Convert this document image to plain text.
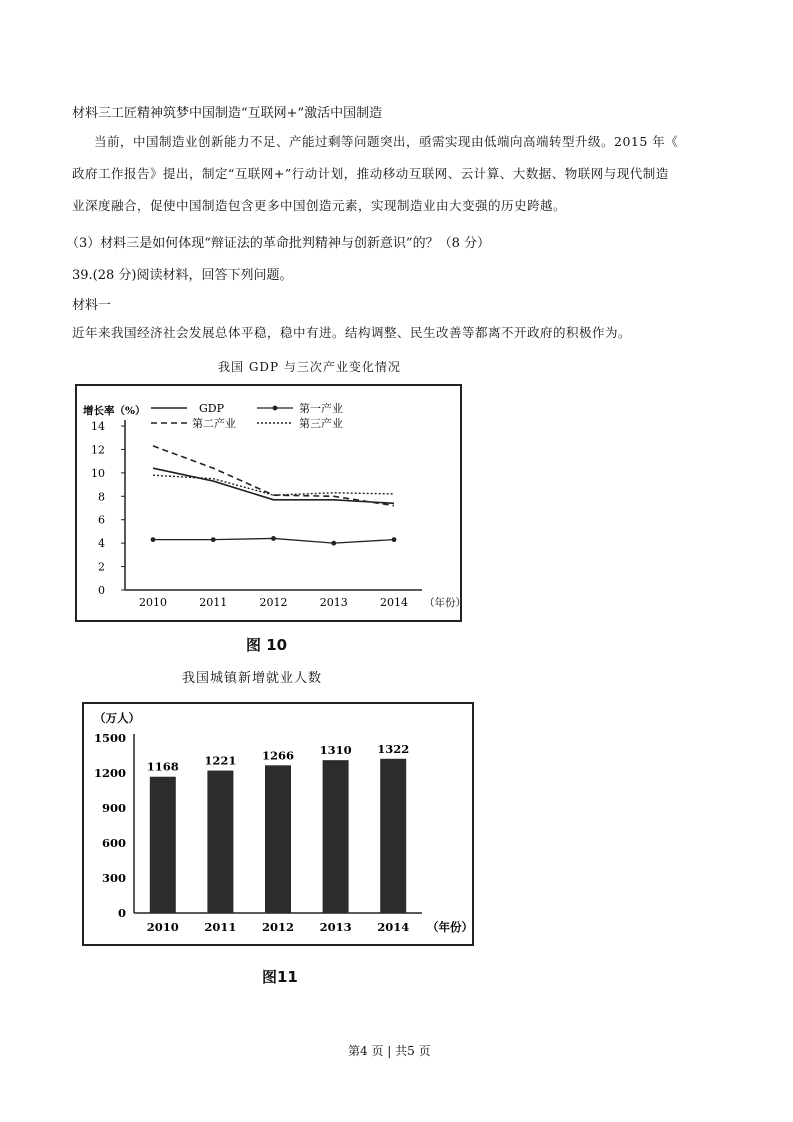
材料三工匠精神筑梦中国制造“互联网+”激活中国制造
当前，中国制造业创新能力不足、产能过剩等问题突出，亟需实现由低端向高端转型升级。2015 年《
政府工作报告》提出，制定“互联网+”行动计划，推动移动互联网、云计算、大数据、物联网与现代制造
业深度融合，促使中国制造包含更多中国创造元素，实现制造业由大变强的历史跨越。
（3）材料三是如何体现“辩证法的革命批判精神与创新意识”的？（8 分）
39.(28 分)阅读材料，回答下列问题。
材料一
近年来我国经济社会发展总体平稳，稳中有进。结构调整、民生改善等都离不开政府的积极作为。
我国 GDP 与三次产业变化情况
0
2
4
6
8
10
12
14
2010	2011	2012	2013	2014 （年份）
增长率（%）	GDP	第一产业
第二产业	第三产业
图 10
我国城镇新增就业人数
0
300
600
900
1200
1500
（万人）
1168
2010
1221
2011
1266
2012
1310
2013
1322
2014 （年份）
图11
第4 页 | 共5 页
